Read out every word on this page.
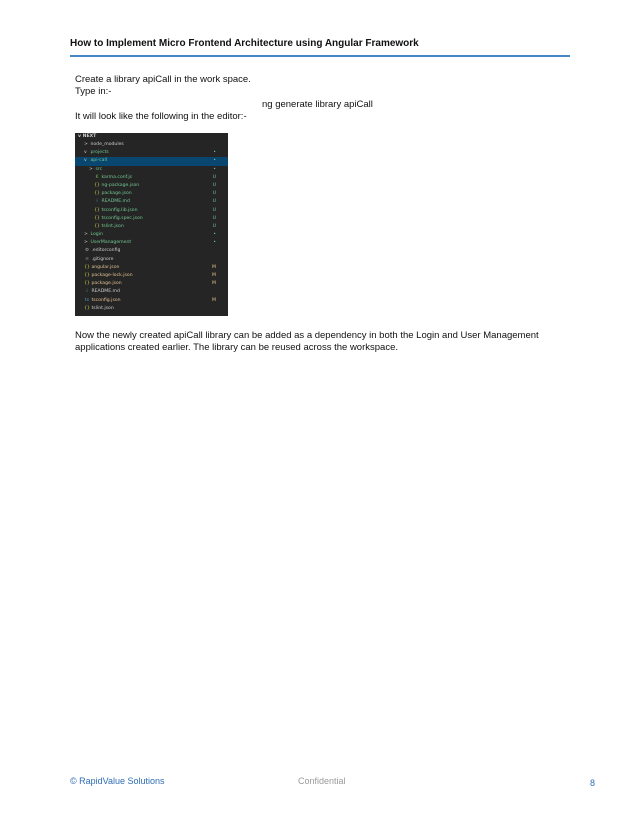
How to Implement Micro Frontend Architecture using Angular Framework
Create a library apiCall in the work space.
Type in:-
ng generate library apiCall
It will look like the following in the editor:-
v NEXT
> node_modules
v projects	•
v api-call	•
> src	•
K karma.conf.js	U
{} ng-package.json	U
{} package.json	U
i README.md	U
{} tsconfig.lib.json	U
{} tsconfig.spec.json	U
{} tslint.json	U
> Login	•
> UserManagement	•
⚙ .editorconfig
≡ .gitignore
{} angular.json	M
{} package-lock.json	M
{} package.json	M
i README.md
ts tsconfig.json	M
{} tslint.json
Now the newly created apiCall library can be added as a dependency in both the Login and User Management
applications created earlier. The library can be reused across the workspace.
© RapidValue Solutions	Confidential	8
